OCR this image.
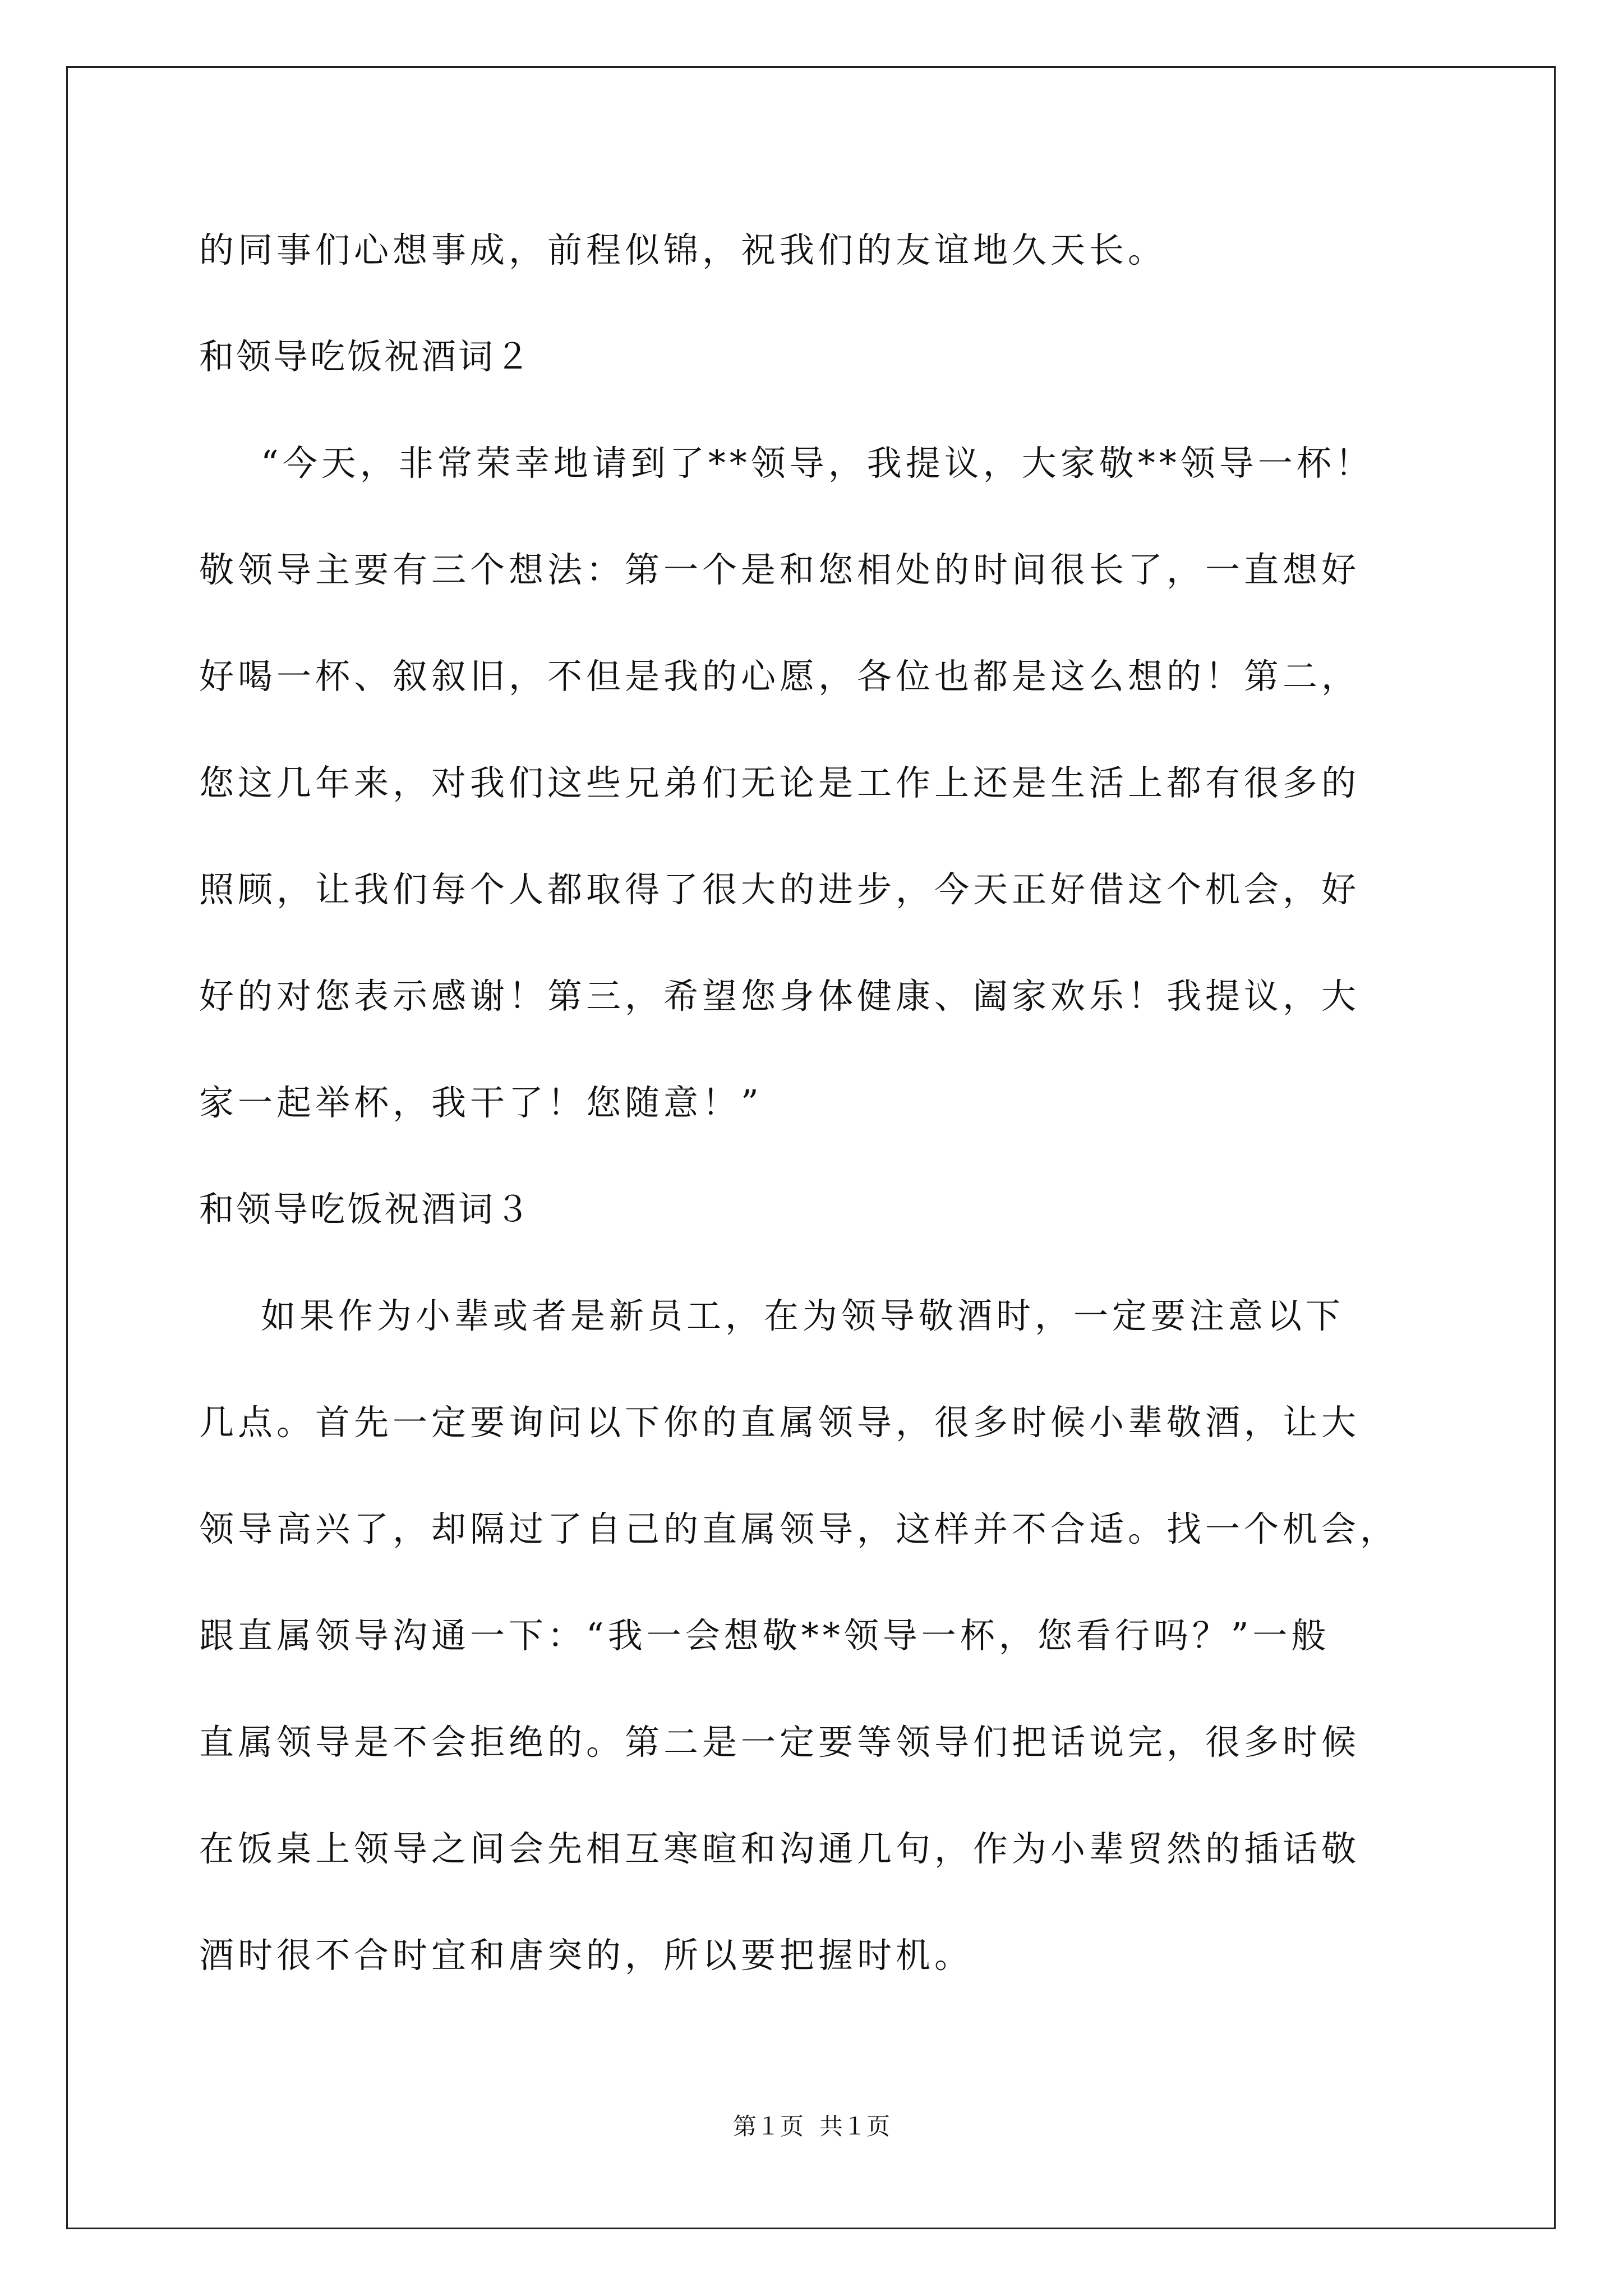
的同事们心想事成，前程似锦，祝我们的友谊地久天长。
和领导吃饭祝酒词２
“今天，非常荣幸地请到了**领导，我提议，大家敬**领导一杯！
敬领导主要有三个想法：第一个是和您相处的时间很长了，一直想好
好喝一杯、叙叙旧，不但是我的心愿，各位也都是这么想的！第二，
您这几年来，对我们这些兄弟们无论是工作上还是生活上都有很多的
照顾，让我们每个人都取得了很大的进步，今天正好借这个机会，好
好的对您表示感谢！第三，希望您身体健康、阖家欢乐！我提议，大
家一起举杯，我干了！您随意！”
和领导吃饭祝酒词３
如果作为小辈或者是新员工，在为领导敬酒时，一定要注意以下
几点。首先一定要询问以下你的直属领导，很多时候小辈敬酒，让大
领导高兴了，却隔过了自己的直属领导，这样并不合适。找一个机会，
跟直属领导沟通一下：“我一会想敬**领导一杯，您看行吗？”一般
直属领导是不会拒绝的。第二是一定要等领导们把话说完，很多时候
在饭桌上领导之间会先相互寒暄和沟通几句，作为小辈贸然的插话敬
酒时很不合时宜和唐突的，所以要把握时机。
第１页 共１页
